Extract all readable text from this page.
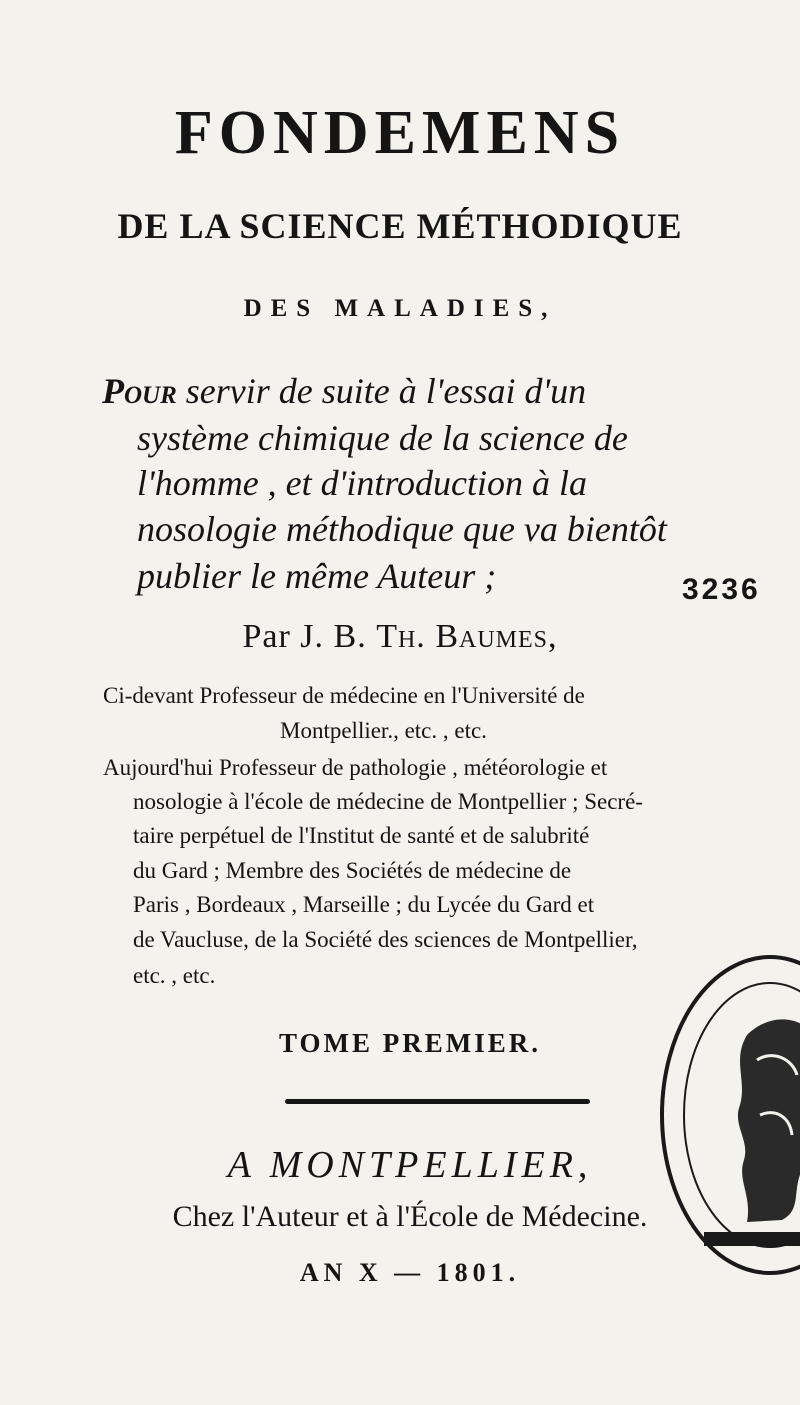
FONDEMENS
DE LA SCIENCE MÉTHODIQUE
DES MALADIES,
Pour servir de suite à l'essai d'un
système chimique de la science de
l'homme , et d'introduction à la
nosologie méthodique que va bientôt
publier le même Auteur ;	3236
Par J. B. Th. Baumes,
Ci-devant Professeur de médecine en l'Université de
Montpellier., etc. , etc.
Aujourd'hui Professeur de pathologie , météorologie et
nosologie à l'école de médecine de Montpellier ; Secré-
taire perpétuel de l'Institut de santé et de salubrité
du Gard ; Membre des Sociétés de médecine de
Paris , Bordeaux , Marseille ; du Lycée du Gard et
de Vaucluse, de la Société des sciences de Montpellier,
etc. , etc.
TOME PREMIER.
A MONTPELLIER,
Chez l'Auteur et à l'École de Médecine.
AN X — 1801.
